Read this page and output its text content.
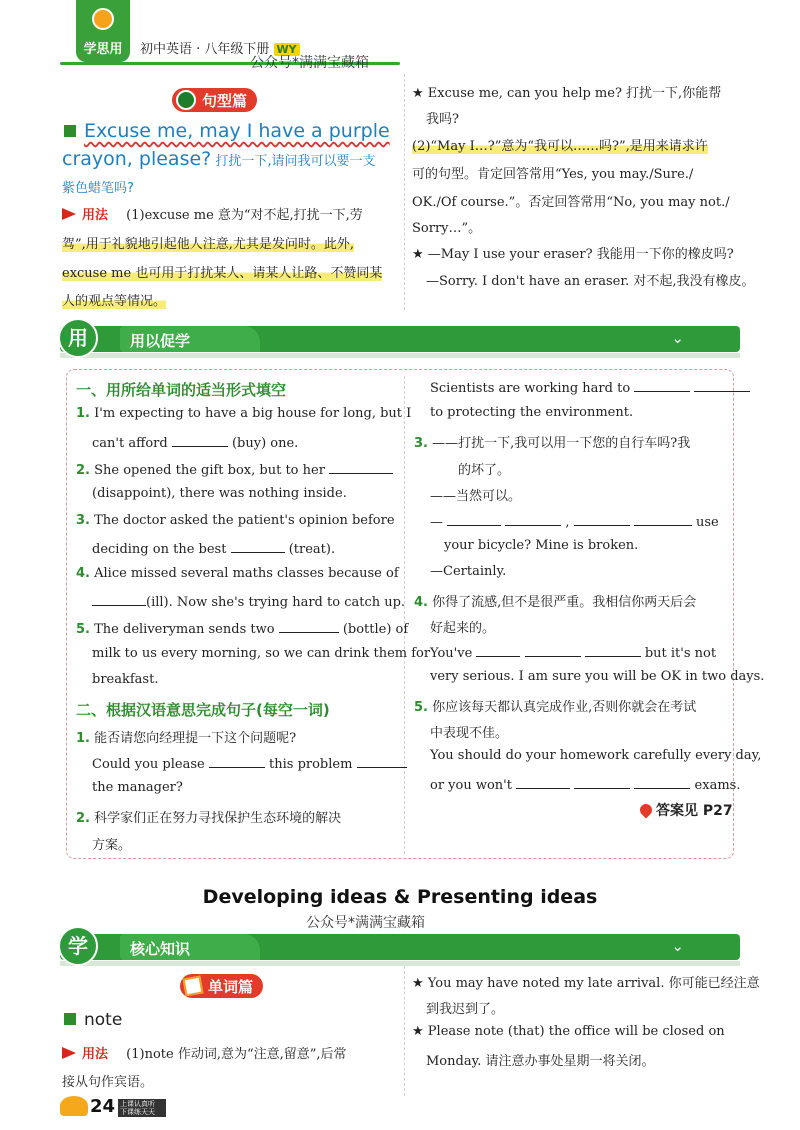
学思用	初中英语 · 八年级下册 WY
公众号*满满宝藏箱
句型篇
Excuse me, may I have a purple
crayon, please? 打扰一下,请问我可以要一支
紫色蜡笔吗?
用法 (1)excuse me 意为“对不起,打扰一下,劳
驾”,用于礼貌地引起他人注意,尤其是发问时。此外,
excuse me 也可用于打扰某人、请某人让路、不赞同某
人的观点等情况。
★ Excuse me, can you help me? 打扰一下,你能帮
我吗?
(2)“May I…?”意为“我可以……吗?”,是用来请求许
可的句型。肯定回答常用“Yes, you may./Sure./
OK./Of course.”。否定回答常用“No, you may not./
Sorry…”。
★ —May I use your eraser? 我能用一下你的橡皮吗?
—Sorry. I don't have an eraser. 对不起,我没有橡皮。
用	用以促学	⌄
一、用所给单词的适当形式填空
1. I'm expecting to have a big house for long, but I
can't afford	(buy) one.
2. She opened the gift box, but to her
(disappoint), there was nothing inside.
3. The doctor asked the patient's opinion before
deciding on the best	(treat).
4. Alice missed several maths classes because of
(ill). Now she's trying hard to catch up.
5. The deliveryman sends two	(bottle) of
milk to us every morning, so we can drink them for
breakfast.
二、根据汉语意思完成句子(每空一词)
1. 能否请您向经理提一下这个问题呢?
Could you please	this problem
the manager?
2. 科学家们正在努力寻找保护生态环境的解决
方案。
Scientists are working hard to
to protecting the environment.
3. ——打扰一下,我可以用一下您的自行车吗?我
的坏了。
——当然可以。
—	,	use
your bicycle? Mine is broken.
—Certainly.
4. 你得了流感,但不是很严重。我相信你两天后会
好起来的。
You've	but it's not
very serious. I am sure you will be OK in two days.
5. 你应该每天都认真完成作业,否则你就会在考试
中表现不佳。
You should do your homework carefully every day,
or you won't	exams.
答案见 P27
Developing ideas & Presenting ideas
公众号*满满宝藏箱
学	核心知识	⌄
单词篇
note
用法 (1)note 作动词,意为“注意,留意”,后常
接从句作宾语。
★ You may have noted my late arrival. 你可能已经注意
到我迟到了。
★ Please note (that) the office will be closed on
Monday. 请注意办事处星期一将关闭。
24 上课认真听
下课练天天
